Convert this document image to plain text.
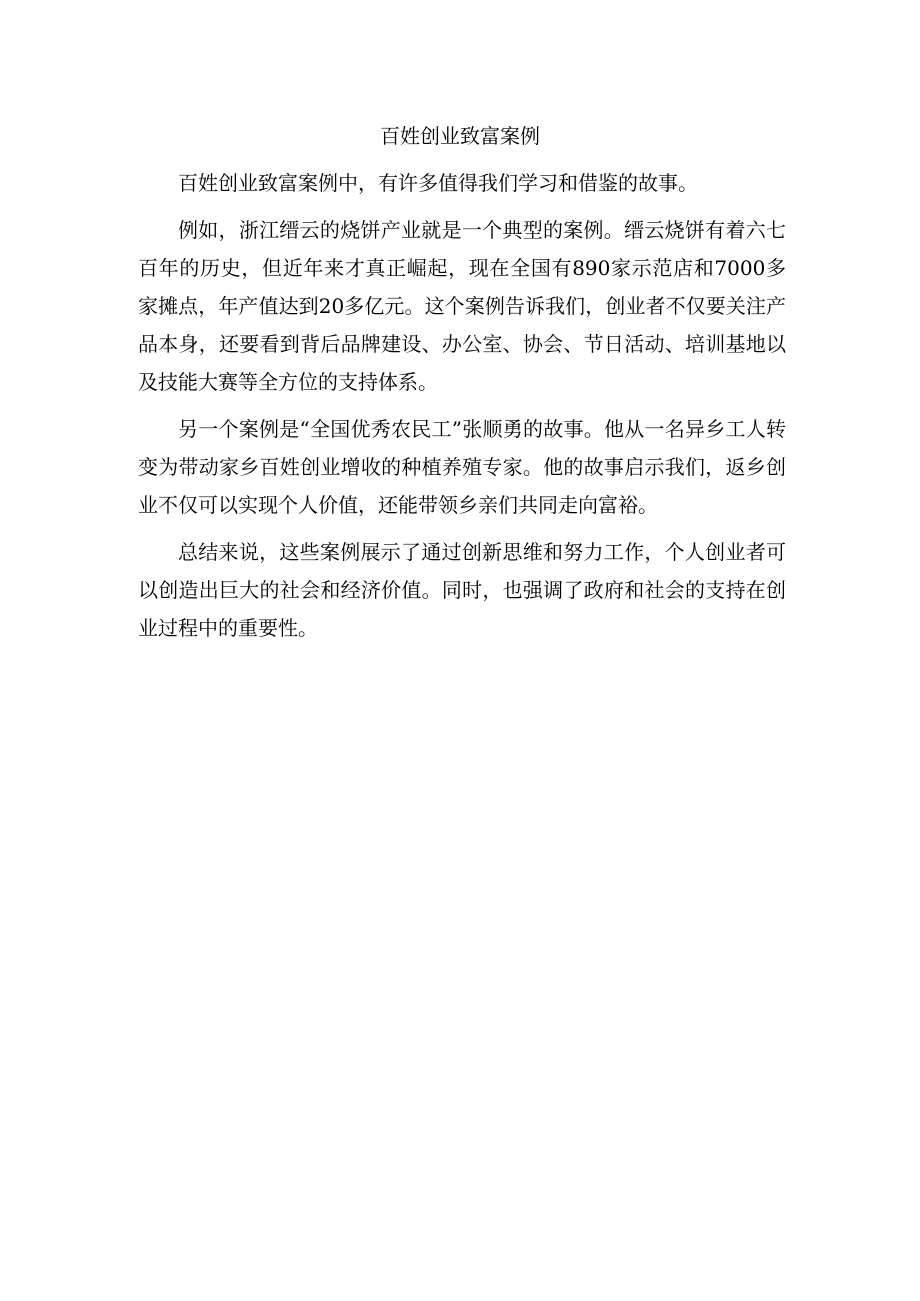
百姓创业致富案例

百姓创业致富案例中，有许多值得我们学习和借鉴的故事。

例如，浙江缙云的烧饼产业就是一个典型的案例。缙云烧饼有着六七百年的历史，但近年来才真正崛起，现在全国有890家示范店和7000多家摊点，年产值达到20多亿元。这个案例告诉我们，创业者不仅要关注产品本身，还要看到背后品牌建设、办公室、协会、节日活动、培训基地以及技能大赛等全方位的支持体系。

另一个案例是“全国优秀农民工”张顺勇的故事。他从一名异乡工人转变为带动家乡百姓创业增收的种植养殖专家。他的故事启示我们，返乡创业不仅可以实现个人价值，还能带领乡亲们共同走向富裕。

总结来说，这些案例展示了通过创新思维和努力工作，个人创业者可以创造出巨大的社会和经济价值。同时，也强调了政府和社会的支持在创业过程中的重要性。
